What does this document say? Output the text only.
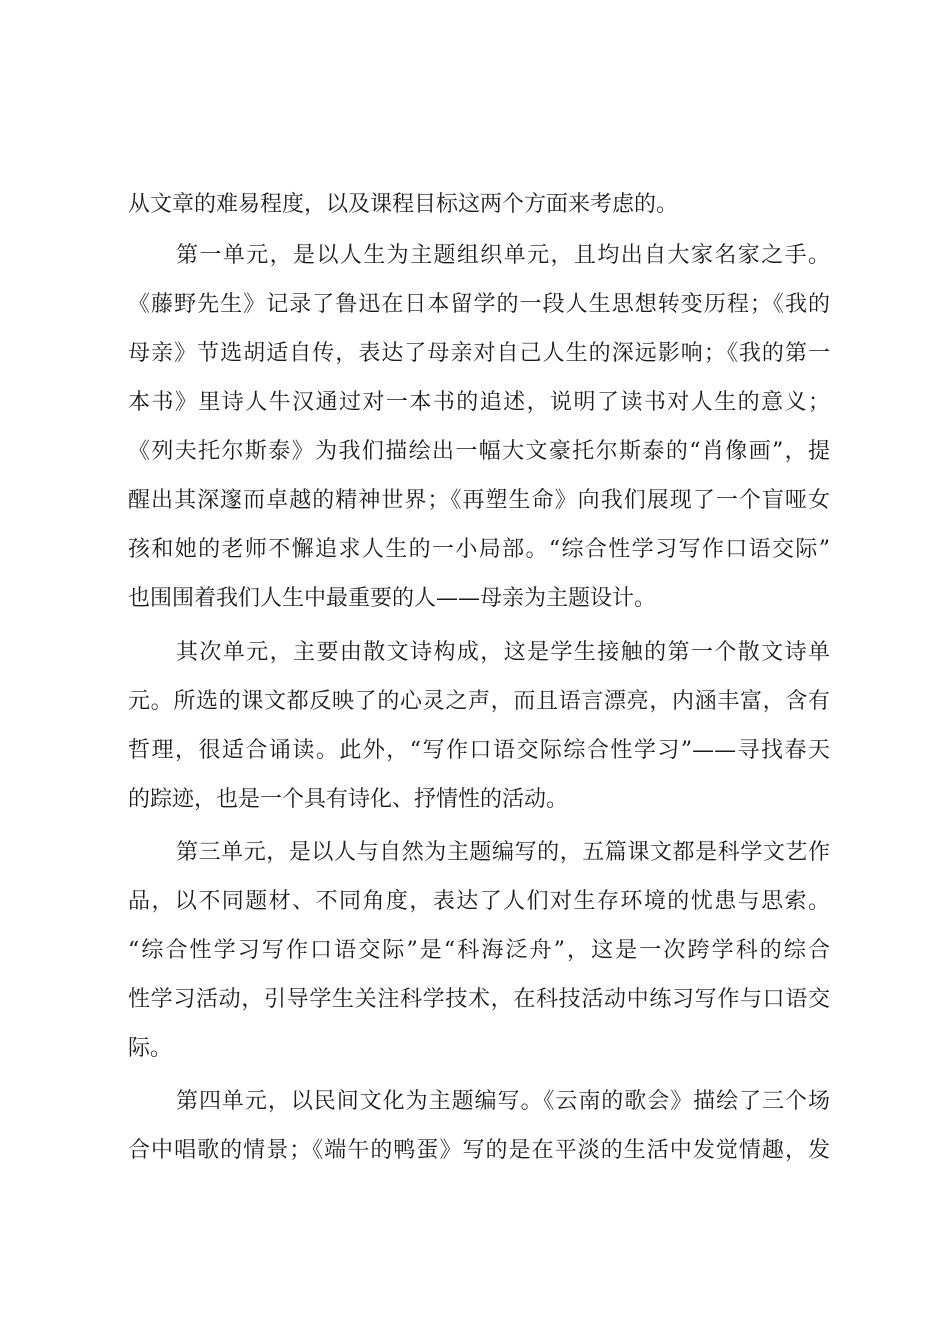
从文章的难易程度，以及课程目标这两个方面来考虑的。
第一单元，是以人生为主题组织单元，且均出自大家名家之手。
《藤野先生》记录了鲁迅在日本留学的一段人生思想转变历程；《我的
母亲》节选胡适自传，表达了母亲对自己人生的深远影响；《我的第一
本书》里诗人牛汉通过对一本书的追述，说明了读书对人生的意义；
《列夫托尔斯泰》为我们描绘出一幅大文豪托尔斯泰的“肖像画”，提
醒出其深邃而卓越的精神世界；《再塑生命》向我们展现了一个盲哑女
孩和她的老师不懈追求人生的一小局部。“综合性学习写作口语交际”
也围围着我们人生中最重要的人——母亲为主题设计。
其次单元，主要由散文诗构成，这是学生接触的第一个散文诗单
元。所选的课文都反映了的心灵之声，而且语言漂亮，内涵丰富，含有
哲理，很适合诵读。此外，“写作口语交际综合性学习”——寻找春天
的踪迹，也是一个具有诗化、抒情性的活动。
第三单元，是以人与自然为主题编写的，五篇课文都是科学文艺作
品，以不同题材、不同角度，表达了人们对生存环境的忧患与思索。
“综合性学习写作口语交际”是“科海泛舟”，这是一次跨学科的综合
性学习活动，引导学生关注科学技术，在科技活动中练习写作与口语交
际。
第四单元，以民间文化为主题编写。《云南的歌会》描绘了三个场
合中唱歌的情景；《端午的鸭蛋》写的是在平淡的生活中发觉情趣，发
